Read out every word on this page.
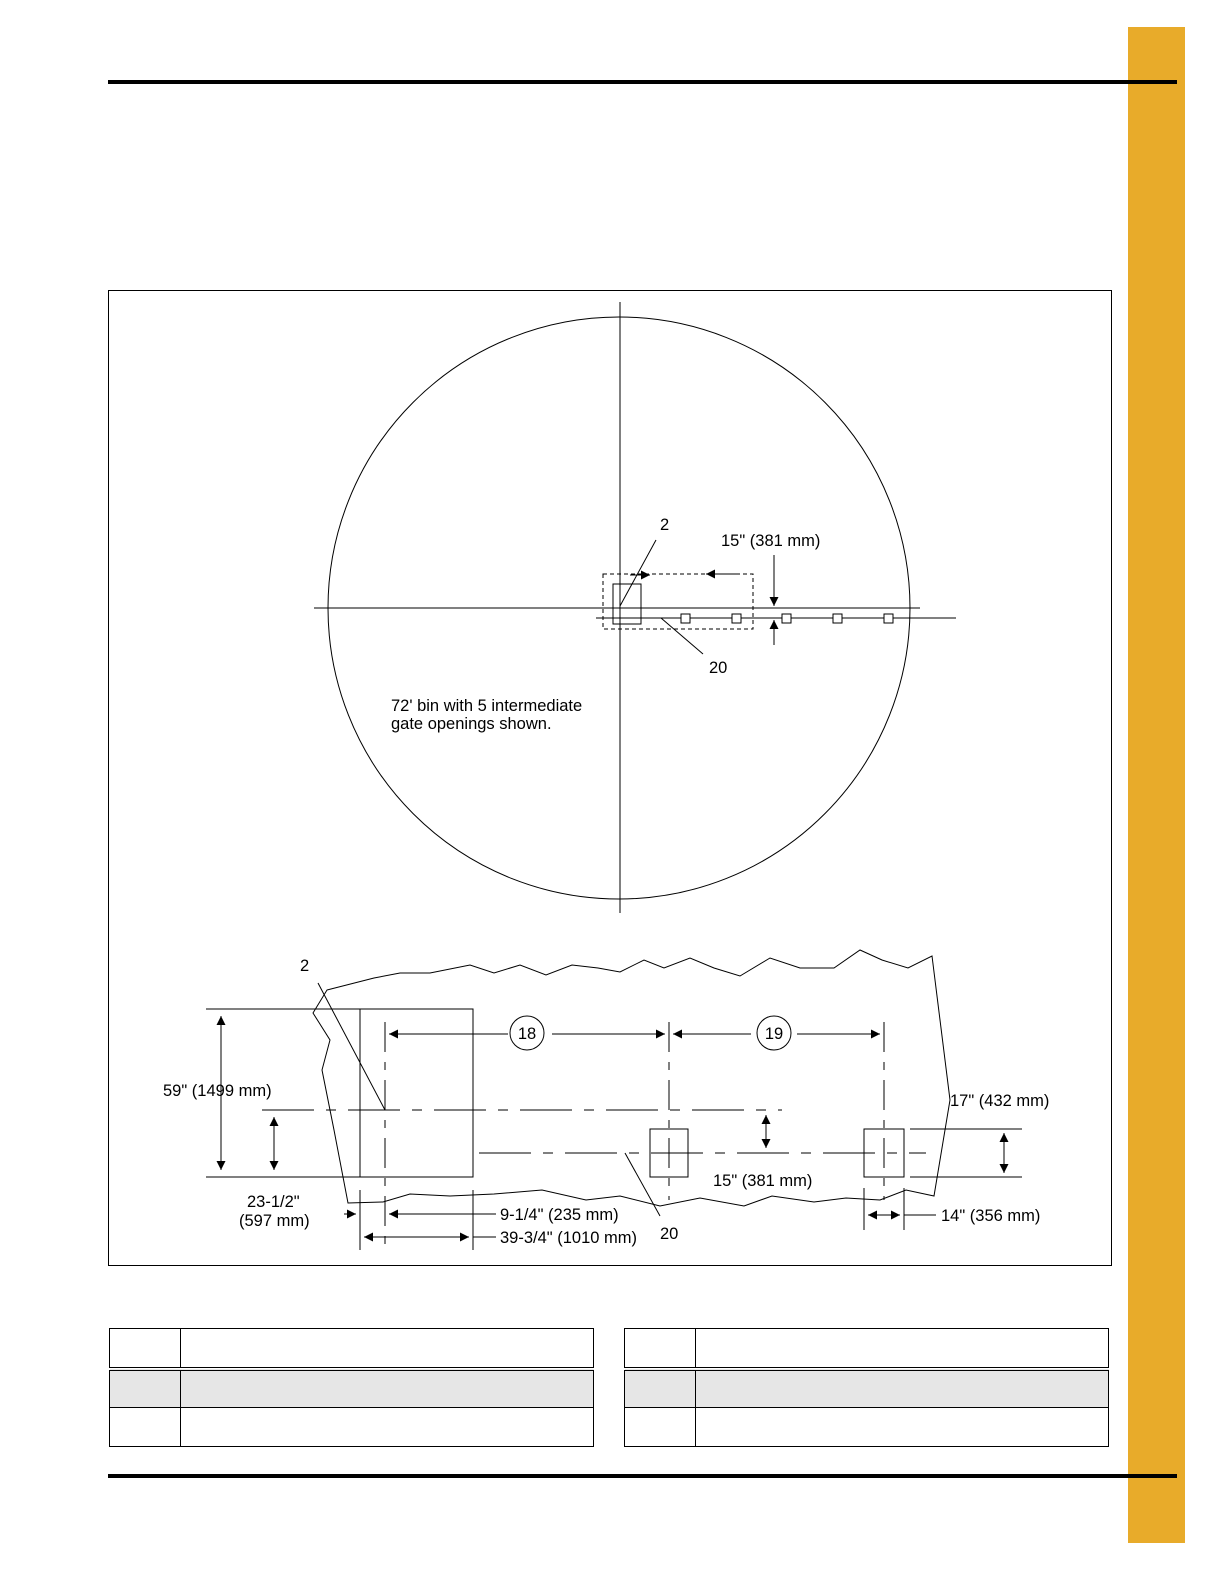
2
15" (381 mm)
20
72' bin with 5 intermediate
gate openings shown.
2
18	19
59" (1499 mm)
17" (432 mm)
15" (381 mm)
23-1/2"
(597 mm)	9-1/4" (235 mm)
39-3/4" (1010 mm) 20
14" (356 mm)
